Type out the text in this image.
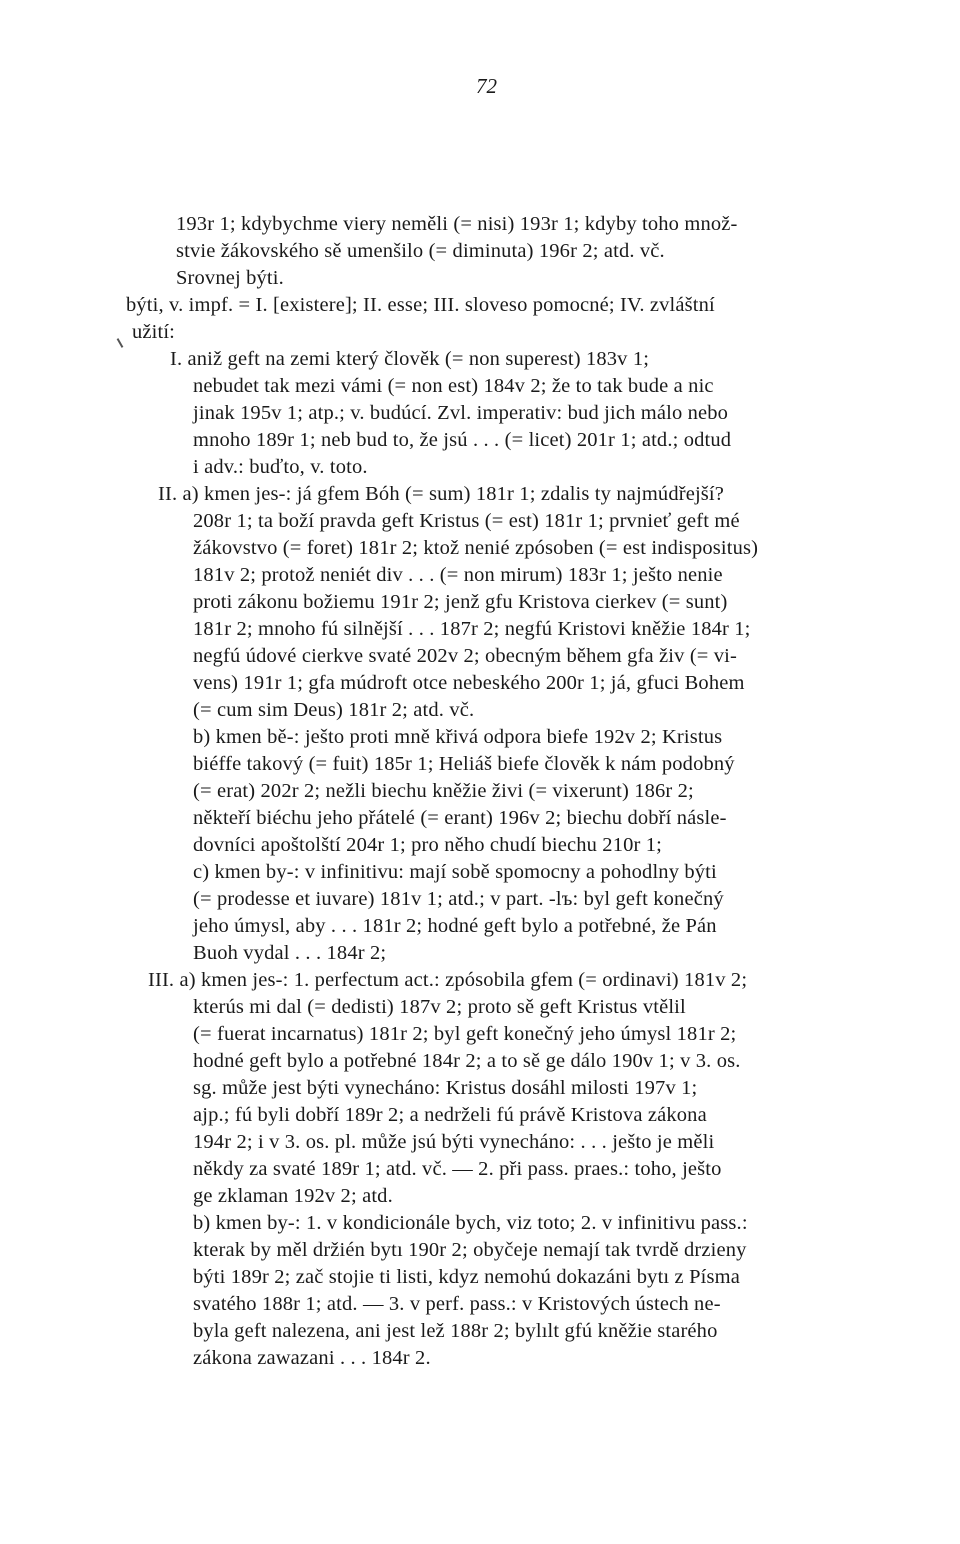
72
193r 1; kdybychme viery neměli (= nisi) 193r 1; kdyby toho množ-
stvie žákovského sě umenšilo (= diminuta) 196r 2; atd. vč.
Srovnej býti.
býti, v. impf. = I. [existere]; II. esse; III. sloveso pomocné; IV. zvláštní
užití:
I. aniž geft na zemi který člověk (= non superest) 183v 1;
nebudet tak mezi vámi (= non est) 184v 2; že to tak bude a nic
jinak 195v 1; atp.; v. budúcí. Zvl. imperativ: bud jich málo nebo
mnoho 189r 1; neb bud to, že jsú . . . (= licet) 201r 1; atd.; odtud
i adv.: buďto, v. toto.
II. a) kmen jes-: já gfem Bóh (= sum) 181r 1; zdalis ty najmúdřejší?
208r 1; ta boží pravda geft Kristus (= est) 181r 1; prvnieť geft mé
žákovstvo (= foret) 181r 2; ktož nenié zpósoben (= est indispositus)
181v 2; protož neniét div . . . (= non mirum) 183r 1; ješto nenie
proti zákonu božiemu 191r 2; jenž gfu Kristova cierkev (= sunt)
181r 2; mnoho fú silnější . . . 187r 2; negfú Kristovi kněžie 184r 1;
negfú údové cierkve svaté 202v 2; obecným během gfa živ (= vi-
vens) 191r 1; gfa múdroft otce nebeského 200r 1; já, gfuci Bohem
(= cum sim Deus) 181r 2; atd. vč.
b) kmen bě-: ješto proti mně křivá odpora biefe 192v 2; Kristus
biéffe takový (= fuit) 185r 1; Heliáš biefe člověk k nám podobný
(= erat) 202r 2; nežli biechu kněžie živi (= vixerunt) 186r 2;
někteří biéchu jeho přátelé (= erant) 196v 2; biechu dobří násle-
dovníci apoštolští 204r 1; pro něho chudí biechu 210r 1;
c) kmen by-: v infinitivu: mají sobě spomocny a pohodlny býti
(= prodesse et iuvare) 181v 1; atd.; v part. -lъ: byl geft konečný
jeho úmysl, aby . . . 181r 2; hodné geft bylo a potřebné, že Pán
Buoh vydal . . . 184r 2;
III. a) kmen jes-: 1. perfectum act.: zpósobila gfem (= ordinavi) 181v 2;
kterús mi dal (= dedisti) 187v 2; proto sě geft Kristus vtělil
(= fuerat incarnatus) 181r 2; byl geft konečný jeho úmysl 181r 2;
hodné geft bylo a potřebné 184r 2; a to sě ge dálo 190v 1; v 3. os.
sg. může jest býti vynecháno: Kristus dosáhl milosti 197v 1;
ajp.; fú byli dobří 189r 2; a nedrželi fú právě Kristova zákona
194r 2; i v 3. os. pl. může jsú býti vynecháno: . . . ješto je měli
někdy za svaté 189r 1; atd. vč. — 2. při pass. praes.: toho, ješto
ge zklaman 192v 2; atd.
b) kmen by-: 1. v kondicionále bych, viz toto; 2. v infinitivu pass.:
kterak by měl držién bytı 190r 2; obyčeje nemají tak tvrdě drzieny
býti 189r 2; zač stojie ti listi, kdyz nemohú dokazáni bytı z Písma
svatého 188r 1; atd. — 3. v perf. pass.: v Kristových ústech ne-
byla geft nalezena, ani jest lež 188r 2; bylılt gfú kněžie starého
zákona zawazani . . . 184r 2.
